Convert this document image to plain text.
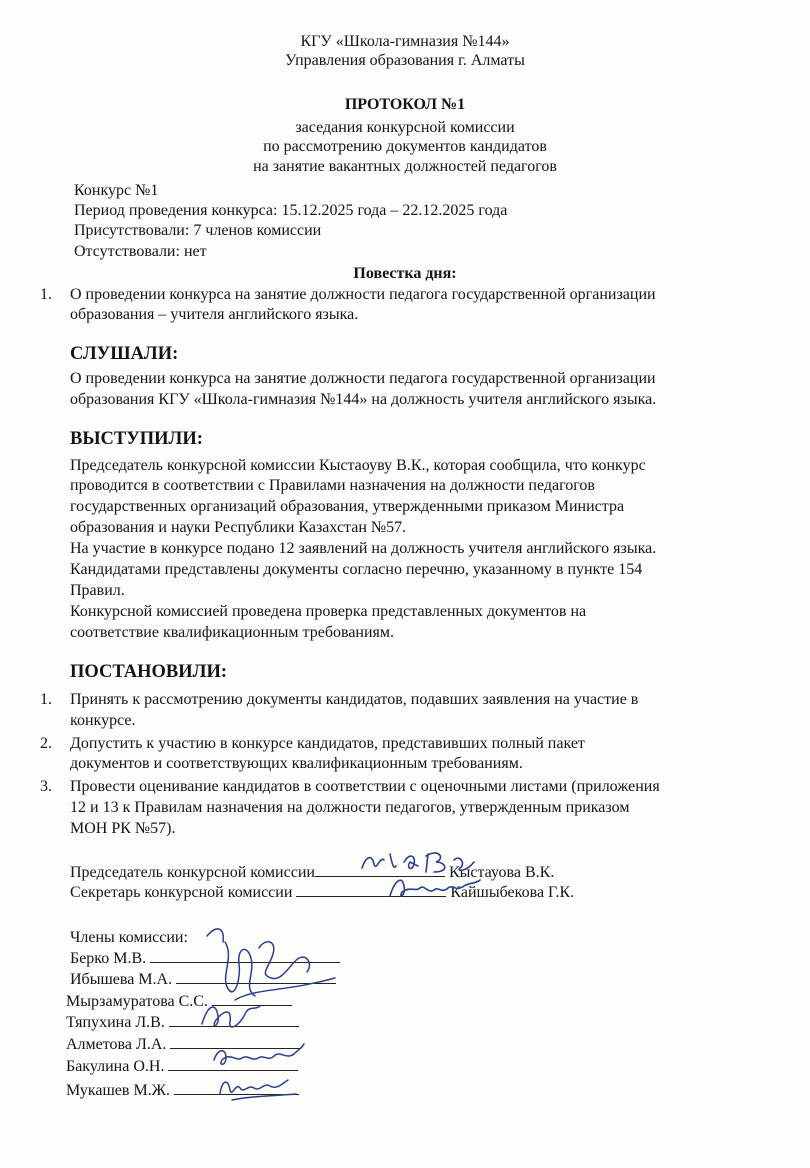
КГУ «Школа-гимназия №144»
Управления образования г. Алматы
ПРОТОКОЛ №1
заседания конкурсной комиссии
по рассмотрению документов кандидатов
на занятие вакантных должностей педагогов
Конкурс №1
Период проведения конкурса: 15.12.2025 года – 22.12.2025 года
Присутствовали: 7 членов комиссии
Отсутствовали: нет
Повестка дня:
1. О проведении конкурса на занятие должности педагога государственной организации
образования – учителя английского языка.
СЛУШАЛИ:
О проведении конкурса на занятие должности педагога государственной организации
образования КГУ «Школа-гимназия №144» на должность учителя английского языка.
ВЫСТУПИЛИ:
Председатель конкурсной комиссии Кыстаоуву В.К., которая сообщила, что конкурс
проводится в соответствии с Правилами назначения на должности педагогов
государственных организаций образования, утвержденными приказом Министра
образования и науки Республики Казахстан №57.
На участие в конкурсе подано 12 заявлений на должность учителя английского языка.
Кандидатами представлены документы согласно перечню, указанному в пункте 154
Правил.
Конкурсной комиссией проведена проверка представленных документов на
соответствие квалификационным требованиям.
ПОСТАНОВИЛИ:
1. Принять к рассмотрению документы кандидатов, подавших заявления на участие в
конкурсе.
2. Допустить к участию в конкурсе кандидатов, представивших полный пакет
документов и соответствующих квалификационным требованиям.
3. Провести оценивание кандидатов в соответствии с оценочными листами (приложения
12 и 13 к Правилам назначения на должности педагогов, утвержденным приказом
МОН РК №57).
Председатель конкурсной комиссии	Кыстауова В.К.
Секретарь конкурсной комиссии	Кайшыбекова Г.К.
Члены комиссии:
Берко М.В.
Ибышева М.А.
Мырзамуратова С.С.
Тяпухина Л.В.
Алметова Л.А.
Бакулина О.Н.
Мукашев М.Ж.
